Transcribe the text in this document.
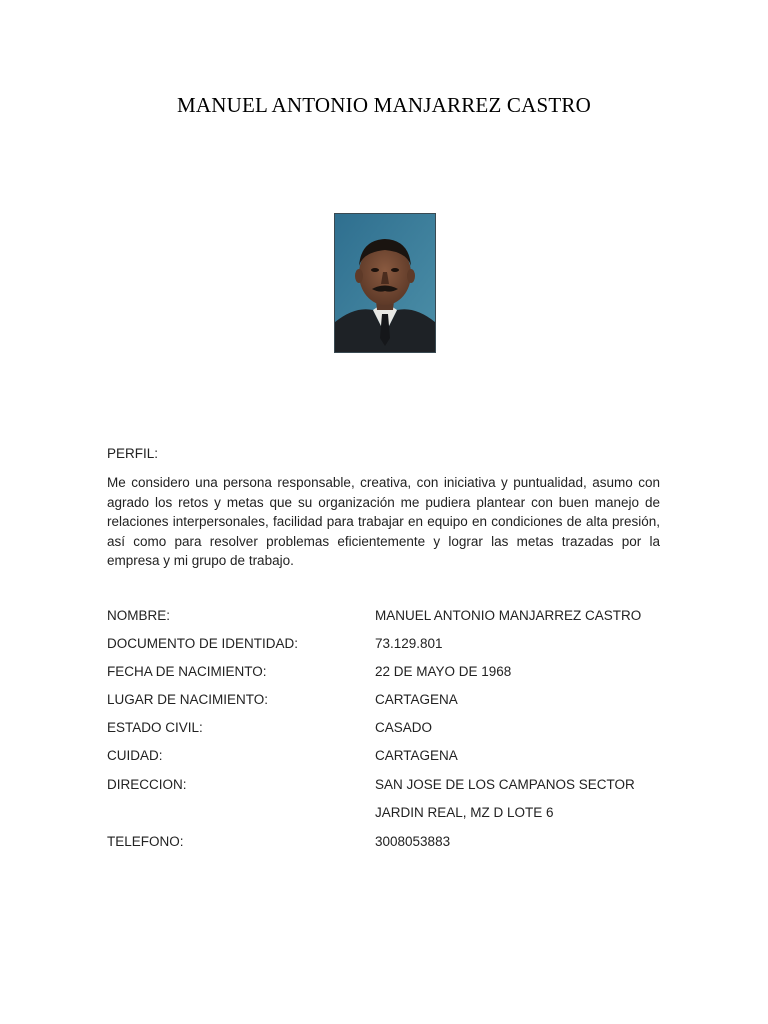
MANUEL ANTONIO MANJARREZ CASTRO
PERFIL:
Me considero una persona responsable, creativa, con iniciativa y puntualidad, asumo con agrado los retos y metas que su organización me pudiera plantear con buen manejo de relaciones interpersonales, facilidad para trabajar en equipo en condiciones de alta presión, así como para resolver problemas eficientemente y lograr las metas trazadas por la empresa y mi grupo de trabajo.
NOMBRE:	MANUEL ANTONIO MANJARREZ CASTRO
DOCUMENTO DE IDENTIDAD:	73.129.801
FECHA DE NACIMIENTO:	22 DE MAYO DE 1968
LUGAR DE NACIMIENTO:	CARTAGENA
ESTADO CIVIL:	CASADO
CUIDAD:	CARTAGENA
DIRECCION:	SAN JOSE DE LOS CAMPANOS SECTOR
JARDIN REAL, MZ D LOTE 6
TELEFONO:	3008053883
